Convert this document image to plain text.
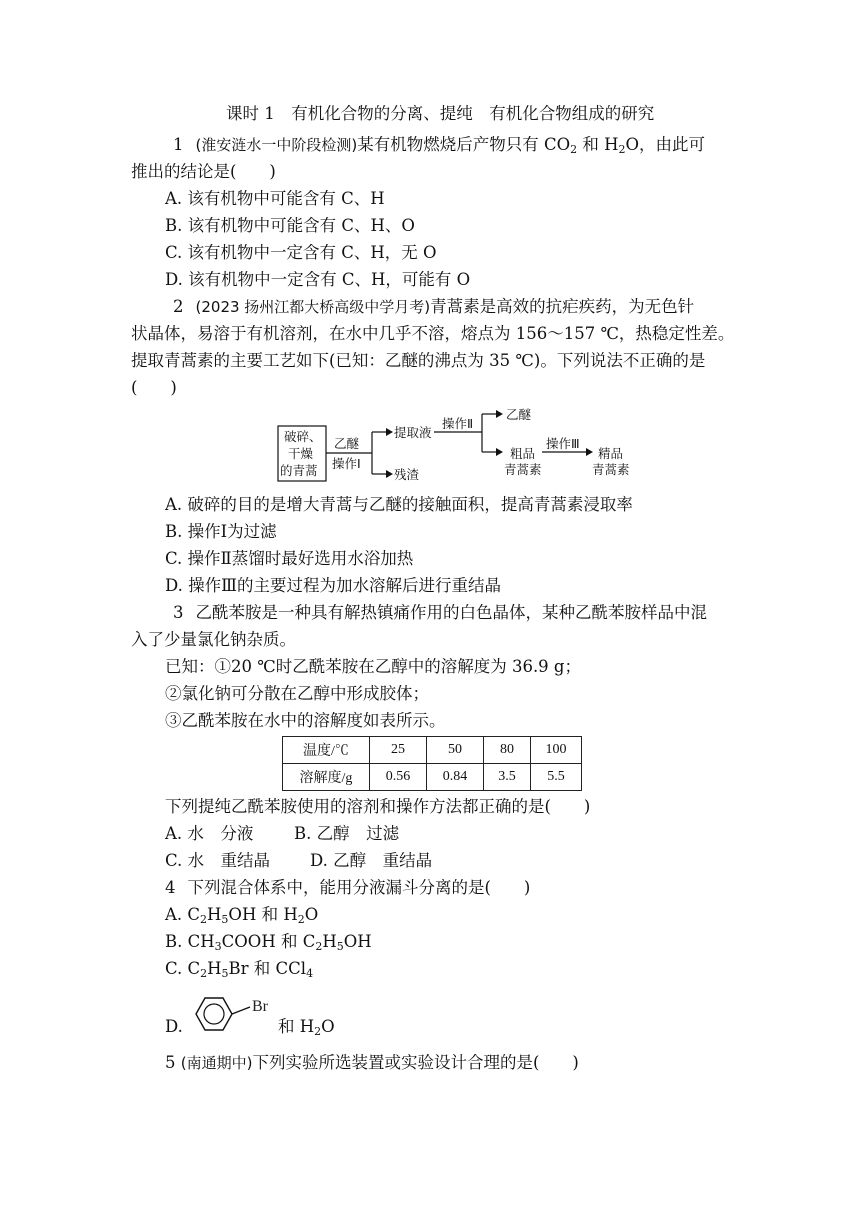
课时 1　有机化合物的分离、提纯　有机化合物组成的研究
1 (淮安涟水一中阶段检测)某有机物燃烧后产物只有 $CO_2$ 和 $H_2O$，由此可
推出的结论是(　　)
A. 该有机物中可能含有 C、H
B. 该有机物中可能含有 C、H、O
C. 该有机物中一定含有 C、H，无 O
D. 该有机物中一定含有 C、H，可能有 O
2 (2023 扬州江都大桥高级中学月考)青蒿素是高效的抗疟疾药，为无色针
状晶体，易溶于有机溶剂，在水中几乎不溶，熔点为 156～157 ℃，热稳定性差。
提取青蒿素的主要工艺如下(已知：乙醚的沸点为 35 ℃)。下列说法不正确的是
(　　)
破碎、
干燥
的青蒿
乙醚
操作Ⅰ
提取液
残渣
操作Ⅱ
乙醚
粗品
青蒿素
操作Ⅲ
精品
青蒿素
A. 破碎的目的是增大青蒿与乙醚的接触面积，提高青蒿素浸取率
B. 操作Ⅰ为过滤
C. 操作Ⅱ蒸馏时最好选用水浴加热
D. 操作Ⅲ的主要过程为加水溶解后进行重结晶
3 乙酰苯胺是一种具有解热镇痛作用的白色晶体，某种乙酰苯胺样品中混
入了少量氯化钠杂质。
已知：①20 ℃时乙酰苯胺在乙醇中的溶解度为 36.9 g；
②氯化钠可分散在乙醇中形成胶体；
③乙酰苯胺在水中的溶解度如表所示。
温度/℃	25	50	80	100
溶解度/g	0.56	0.84	3.5	5.5
下列提纯乙酰苯胺使用的溶剂和操作方法都正确的是(　　)
A. 水　分液 B. 乙醇　过滤
C. 水　重结晶 D. 乙醇　重结晶
4 下列混合体系中，能用分液漏斗分离的是(　　)
A. $C_2H_5OH$ 和 $H_2O$
B. $CH_3COOH$ 和 $C_2H_5OH$
C. $C_2H_5Br$ 和 CCl$_4$
D.
Br
和 $H_2O$
5 (南通期中)下列实验所选装置或实验设计合理的是(　　)
